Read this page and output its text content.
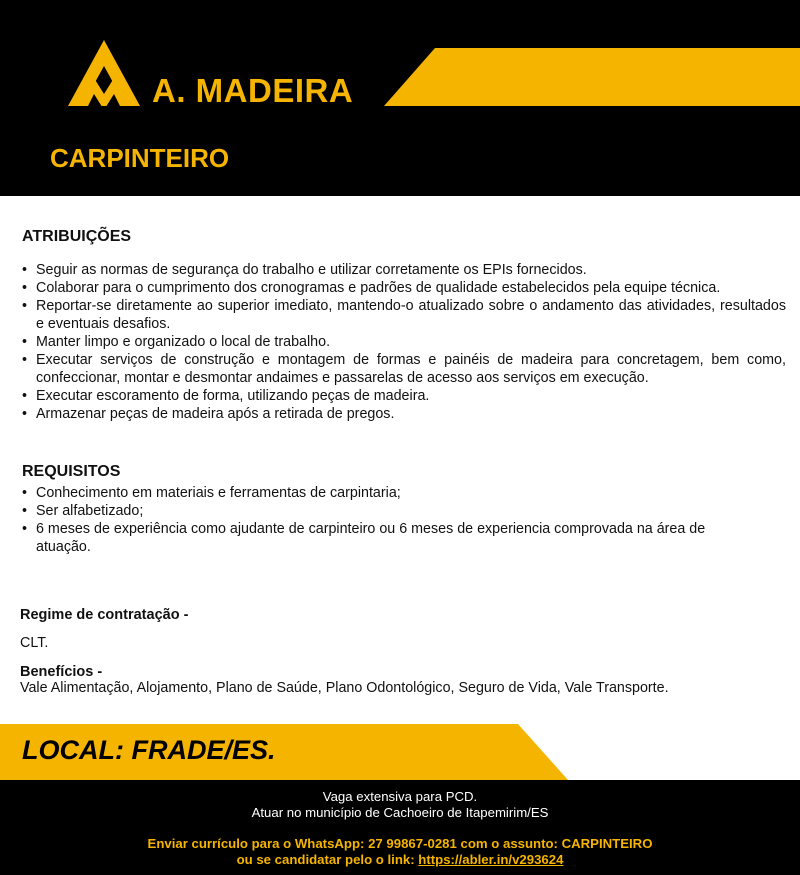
A. MADEIRA
CARPINTEIRO
ATRIBUIÇÕES
• Seguir as normas de segurança do trabalho e utilizar corretamente os EPIs fornecidos.
• Colaborar para o cumprimento dos cronogramas e padrões de qualidade estabelecidos pela equipe técnica.
• Reportar-se diretamente ao superior imediato, mantendo-o atualizado sobre o andamento das atividades, resultados e eventuais desafios.
• Manter limpo e organizado o local de trabalho.
• Executar serviços de construção e montagem de formas e painéis de madeira para concretagem, bem como, confeccionar, montar e desmontar andaimes e passarelas de acesso aos serviços em execução.
• Executar escoramento de forma, utilizando peças de madeira.
• Armazenar peças de madeira após a retirada de pregos.
REQUISITOS
• Conhecimento em materiais e ferramentas de carpintaria;
• Ser alfabetizado;
• 6 meses de experiência como ajudante de carpinteiro ou 6 meses de experiencia comprovada na área de atuação.
Regime de contratação -
CLT.
Benefícios -
Vale Alimentação, Alojamento, Plano de Saúde, Plano Odontológico, Seguro de Vida, Vale Transporte.
LOCAL: FRADE/ES.
Vaga extensiva para PCD.
Atuar no município de Cachoeiro de Itapemirim/ES
Enviar currículo para o WhatsApp: 27 99867-0281 com o assunto: CARPINTEIRO
ou se candidatar pelo o link: https://abler.in/v293624
